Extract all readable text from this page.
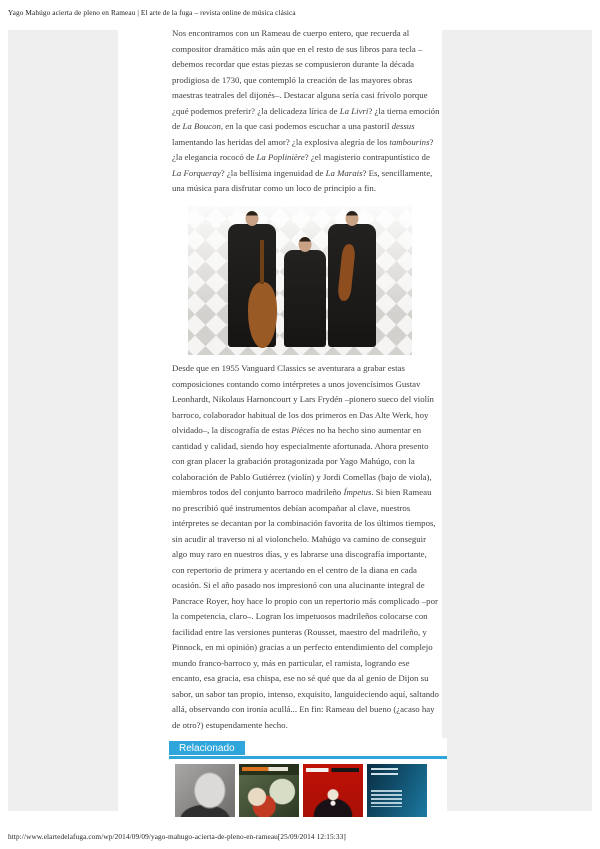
Yago Mahúgo acierta de pleno en Rameau | El arte de la fuga – revista online de música clásica
Nos encontramos con un Rameau de cuerpo entero, que recuerda al compositor dramático más aún que en el resto de sus libros para tecla – debemos recordar que estas piezas se compusieron durante la década prodigiosa de 1730, que contempló la creación de las mayores obras maestras teatrales del dijonés–. Destacar alguna sería casi frívolo porque ¿qué podemos preferir? ¿la delicadeza lírica de La Livri? ¿la tierna emoción de La Boucon, en la que casi podemos escuchar a una pastoril dessus lamentando las heridas del amor? ¿la explosiva alegría de los tambourins? ¿la elegancia rococó de La Poplinière? ¿el magisterio contrapuntístico de La Forqueray? ¿la bellísima ingenuidad de La Marais? Es, sencillamente, una música para disfrutar como un loco de principio a fin.
Desde que en 1955 Vanguard Classics se aventurara a grabar estas composiciones contando como intérpretes a unos jovencísimos Gustav Leonhardt, Nikolaus Harnoncourt y Lars Frydén –pionero sueco del violín barroco, colaborador habitual de los dos primeros en Das Alte Werk, hoy olvidado–, la discografía de estas Pièces no ha hecho sino aumentar en cantidad y calidad, siendo hoy especialmente afortunada. Ahora presento con gran placer la grabación protagonizada por Yago Mahúgo, con la colaboración de Pablo Gutiérrez (violín) y Jordi Comellas (bajo de viola), miembros todos del conjunto barroco madrileño Ímpetus. Si bien Rameau no prescribió qué instrumentos debían acompañar al clave, nuestros intérpretes se decantan por la combinación favorita de los últimos tiempos, sin acudir al traverso ni al violonchelo. Mahúgo va camino de conseguir algo muy raro en nuestros días, y es labrarse una discografía importante, con repertorio de primera y acertando en el centro de la diana en cada ocasión. Si el año pasado nos impresionó con una alucinante integral de Pancrace Royer, hoy hace lo propio con un repertorio más complicado –por la competencia, claro–. Logran los impetuosos madrileños colocarse con facilidad entre las versiones punteras (Rousset, maestro del madrileño, y Pinnock, en mi opinión) gracias a un perfecto entendimiento del complejo mundo franco-barroco y, más en particular, el ramista, logrando ese encanto, esa gracia, esa chispa, ese no sé qué que da al genio de Dijon su sabor, un sabor tan propio, intenso, exquisito, languideciendo aquí, saltando allá, observando con ironía acullá... En fin: Rameau del bueno (¿acaso hay de otro?) estupendamente hecho.
Relacionado
http://www.elartedelafuga.com/wp/2014/09/09/yago-mahugo-acierta-de-pleno-en-rameau[25/09/2014 12:15:33]
